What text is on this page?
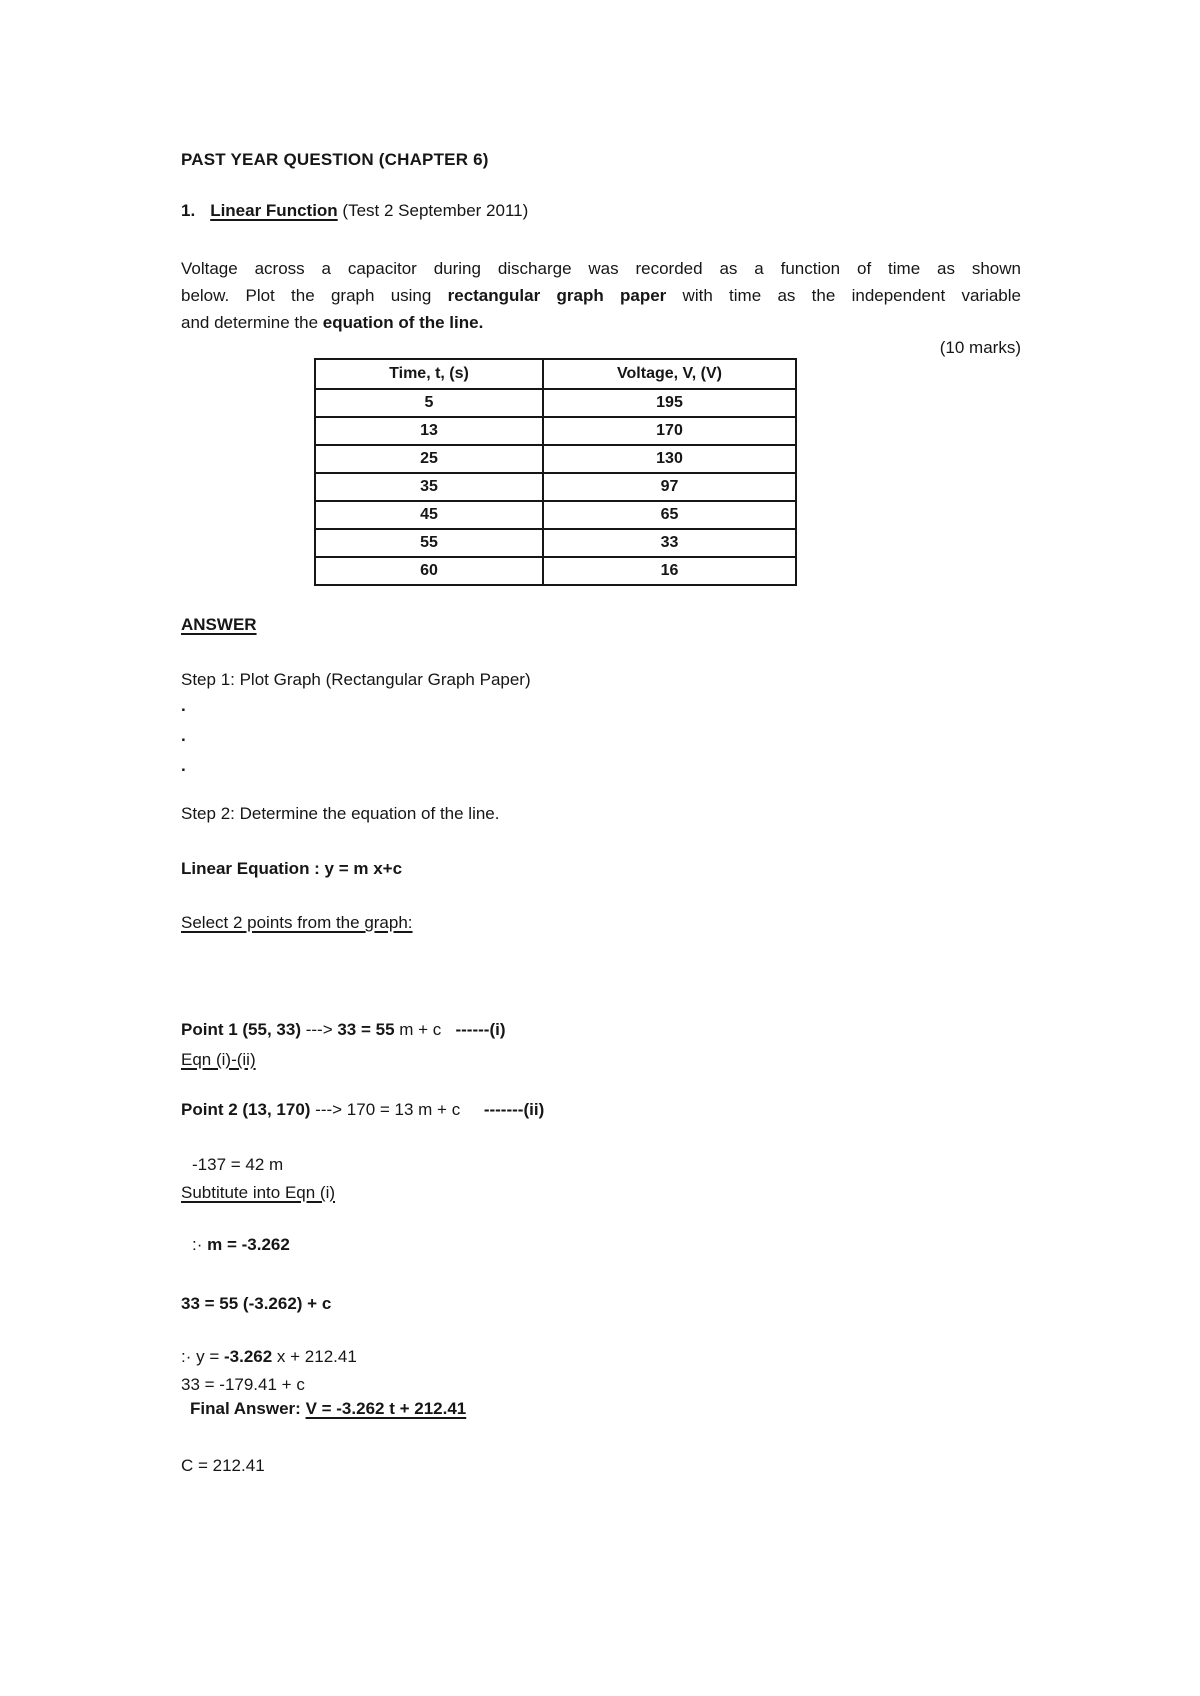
PAST YEAR QUESTION (CHAPTER 6)
1. Linear Function (Test 2 September 2011)
Voltage across a capacitor during discharge was recorded as a function of time as shown
below. Plot the graph using rectangular graph paper with time as the independent variable
and determine the equation of the line.
(10 marks)
Time, t, (s)	Voltage, V, (V)
5	195
13	170
25	130
35	97
45	65
55	33
60	16
ANSWER
Step 1: Plot Graph (Rectangular Graph Paper)
.
.
.
Step 2: Determine the equation of the line.
Linear Equation : y = m x+c
Select 2 points from the graph:

Point 1 (55, 33) ---> 33 = 55 m + c   ------(i)

Point 2 (13, 170) ---> 170 = 13 m + c     -------(ii)

Eqn (i)-(ii)

-137 = 42 m

:· m = -3.262

Subtitute into Eqn (i)

33 = 55 (-3.262) + c

33 = -179.41 + c

C = 212.41

:· y = -3.262 x + 212.41
Final Answer: V = -3.262 t + 212.41
